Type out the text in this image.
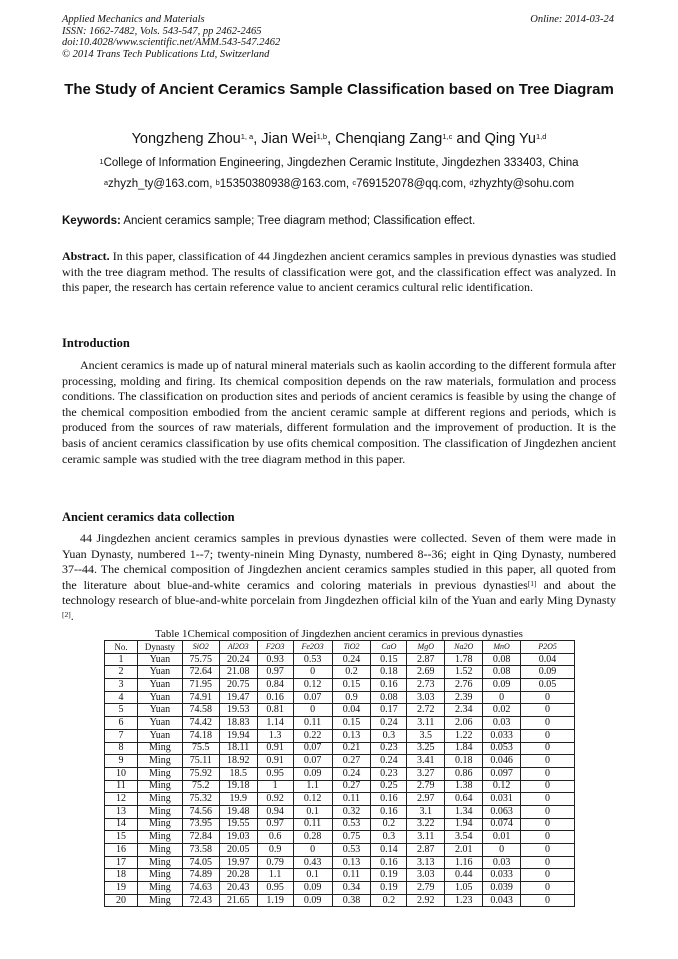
Applied Mechanics and Materials
ISSN: 1662-7482, Vols. 543-547, pp 2462-2465
doi:10.4028/www.scientific.net/AMM.543-547.2462
© 2014 Trans Tech Publications Ltd, Switzerland
Online: 2014-03-24
The Study of Ancient Ceramics Sample Classification based on Tree Diagram
Yongzheng Zhou$^{1, a}$, Jian Wei$^{1,b}$, Chenqiang Zang$^{1,c}$ and Qing Yu$^{1,d}$
$^1$College of Information Engineering, Jingdezhen Ceramic Institute, Jingdezhen 333403, China
$^a$zhyzh_ty@163.com, $^b$15350380938@163.com, $^c$769152078@qq.com, $^d$zhyzhty@sohu.com
Keywords: Ancient ceramics sample; Tree diagram method; Classification effect.
Abstract. In this paper, classification of 44 Jingdezhen ancient ceramics samples in previous dynasties was studied with the tree diagram method. The results of classification were got, and the classification effect was analyzed. In this paper, the research has certain reference value to ancient ceramics cultural relic identification.
Introduction
Ancient ceramics is made up of natural mineral materials such as kaolin according to the different formula after processing, molding and firing. Its chemical composition depends on the raw materials, formulation and process conditions. The classification on production sites and periods of ancient ceramics is feasible by using the change of the chemical composition embodied from the ancient ceramic sample at different regions and periods, which is produced from the sources of raw materials, different formulation and the improvement of production. It is the basis of ancient ceramics classification by use ofits chemical composition. The classification of Jingdezhen ancient ceramic sample was studied with the tree diagram method in this paper.
Ancient ceramics data collection
44 Jingdezhen ancient ceramics samples in previous dynasties were collected. Seven of them were made in Yuan Dynasty, numbered 1--7; twenty-ninein Ming Dynasty, numbered 8--36; eight in Qing Dynasty, numbered 37--44. The chemical composition of Jingdezhen ancient ceramics samples studied in this paper, all quoted from the literature about blue-and-white ceramics and coloring materials in previous dynasties[1] and about the technology research of blue-and-white porcelain from Jingdezhen official kiln of the Yuan and early Ming Dynasty [2].
Table 1Chemical composition of Jingdezhen ancient ceramics in previous dynasties
No.	Dynasty	SiO2	Al2O3	F2O3	Fe2O3	TiO2	CaO	MgO	Na2O	MnO	P2O5
1	Yuan	75.75	20.24	0.93	0.53	0.24	0.15	2.87	1.78	0.08	0.04
2	Yuan	72.64	21.08	0.97	0	0.2	0.18	2.69	1.52	0.08	0.09
3	Yuan	71.95	20.75	0.84	0.12	0.15	0.16	2.73	2.76	0.09	0.05
4	Yuan	74.91	19.47	0.16	0.07	0.9	0.08	3.03	2.39	0	0
5	Yuan	74.58	19.53	0.81	0	0.04	0.17	2.72	2.34	0.02	0
6	Yuan	74.42	18.83	1.14	0.11	0.15	0.24	3.11	2.06	0.03	0
7	Yuan	74.18	19.94	1.3	0.22	0.13	0.3	3.5	1.22	0.033	0
8	Ming	75.5	18.11	0.91	0.07	0.21	0.23	3.25	1.84	0.053	0
9	Ming	75.11	18.92	0.91	0.07	0.27	0.24	3.41	0.18	0.046	0
10	Ming	75.92	18.5	0.95	0.09	0.24	0.23	3.27	0.86	0.097	0
11	Ming	75.2	19.18	1	1.1	0.27	0.25	2.79	1.38	0.12	0
12	Ming	75.32	19.9	0.92	0.12	0.11	0.16	2.97	0.64	0.031	0
13	Ming	74.56	19.48	0.94	0.1	0.32	0.16	3.1	1.34	0.063	0
14	Ming	73.95	19.55	0.97	0.11	0.53	0.2	3.22	1.94	0.074	0
15	Ming	72.84	19.03	0.6	0.28	0.75	0.3	3.11	3.54	0.01	0
16	Ming	73.58	20.05	0.9	0	0.53	0.14	2.87	2.01	0	0
17	Ming	74.05	19.97	0.79	0.43	0.13	0.16	3.13	1.16	0.03	0
18	Ming	74.89	20.28	1.1	0.1	0.11	0.19	3.03	0.44	0.033	0
19	Ming	74.63	20.43	0.95	0.09	0.34	0.19	2.79	1.05	0.039	0
20	Ming	72.43	21.65	1.19	0.09	0.38	0.2	2.92	1.23	0.043	0
